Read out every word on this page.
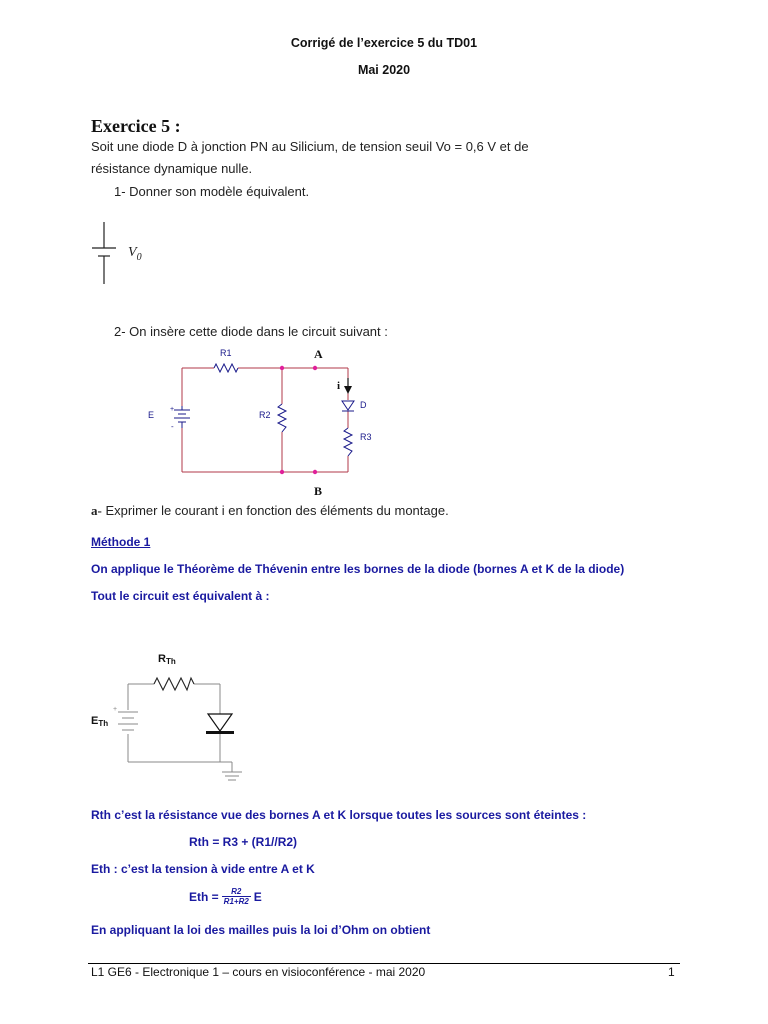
Corrigé de l’exercice 5 du TD01
Mai 2020
Exercice 5 :
Soit une diode D à jonction PN au Silicium, de tension seuil Vo = 0,6 V et de
résistance dynamique nulle.
1- Donner son modèle équivalent.
$V_0$
2- On insère cette diode dans le circuit suivant :
a- Exprimer le courant i en fonction des éléments du montage.
R1
R2
R3
E
D
+
-
i
A
B
+
RTh
ETh
Méthode 1
On applique le Théorème de Thévenin entre les bornes de la diode (bornes A et K de la diode)
Tout le circuit est équivalent à :
Rth c’est la résistance vue des bornes A et K lorsque toutes les sources sont éteintes :
Rth = R3 + (R1//R2)
Eth : c’est la tension à vide entre A et K
Eth = $\frac{R2}{R1+R2}$ E
En appliquant la loi des mailles puis la loi d’Ohm on obtient
L1 GE6 - Electronique 1 – cours en visioconférence - mai 2020	1
